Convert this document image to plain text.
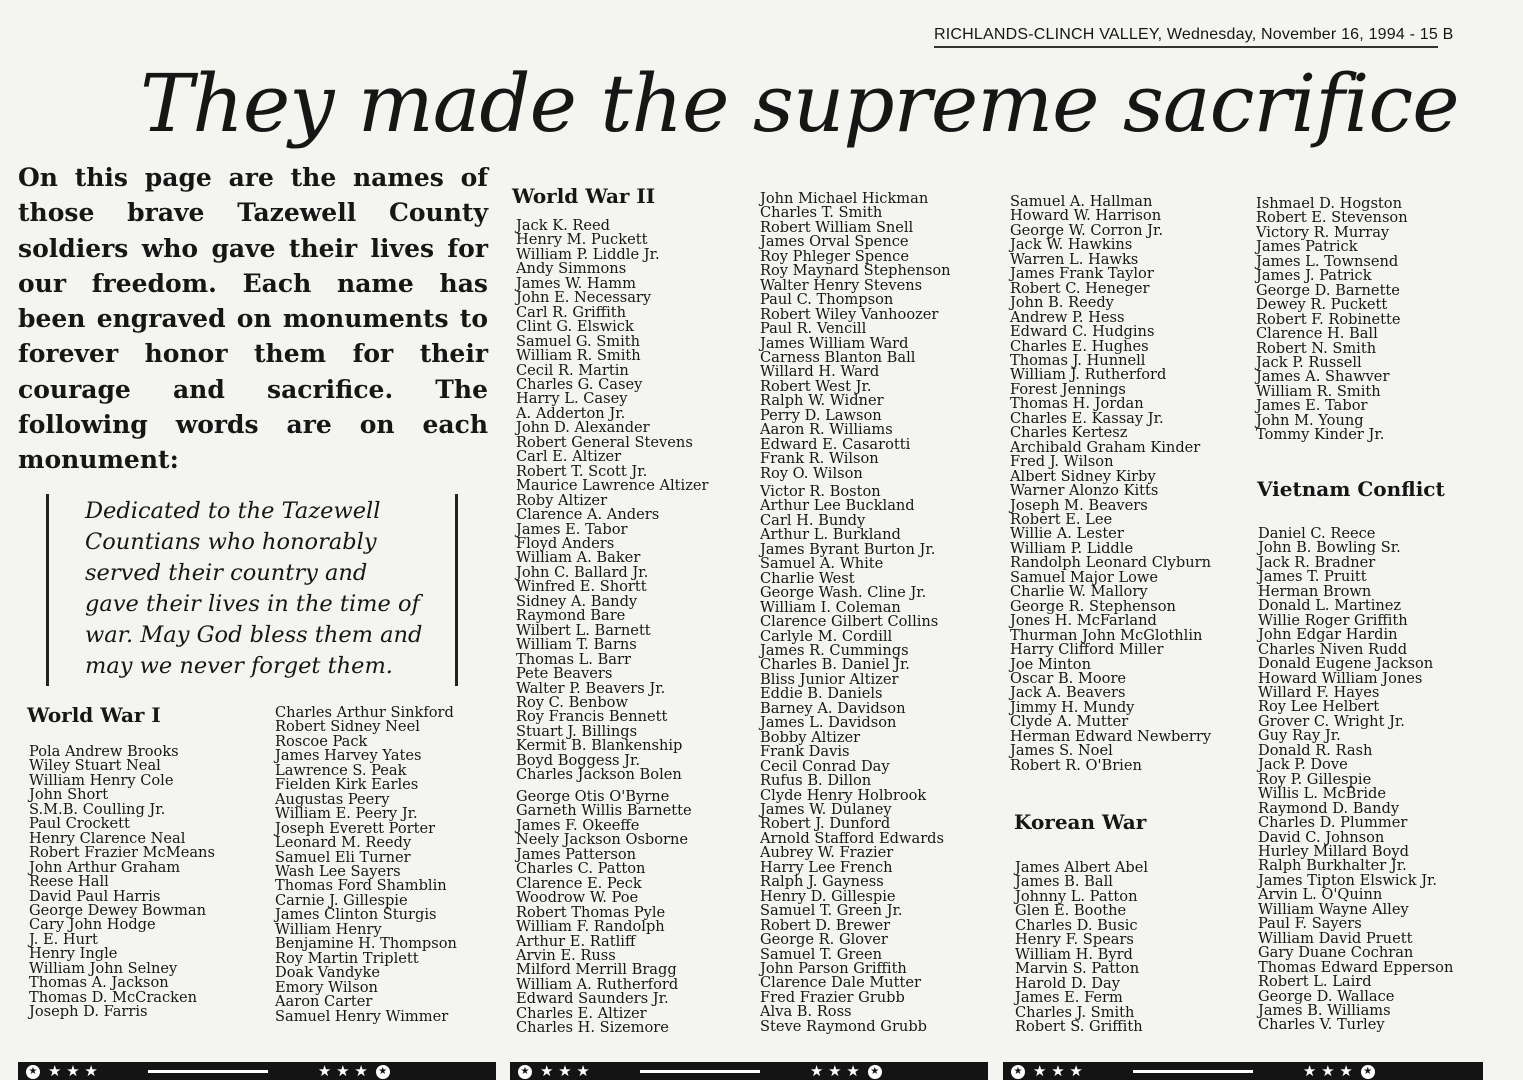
RICHLANDS-CLINCH VALLEY, Wednesday, November 16, 1994 - 15 B
They made the supreme sacrifice
On this page are the names of those brave Tazewell County soldiers who gave their lives for our freedom. Each name has been engraved on monuments to forever honor them for their courage and sacrifice. The following words are on each monument:
Dedicated to the Tazewell Countians who honorably served their country and gave their lives in the time of war. May God bless them and may we never forget them.
World War I
Pola Andrew Brooks
Wiley Stuart Neal
William Henry Cole
John Short
S.M.B. Coulling Jr.
Paul Crockett
Henry Clarence Neal
Robert Frazier McMeans
John Arthur Graham
Reese Hall
David Paul Harris
George Dewey Bowman
Cary John Hodge
J. E. Hurt
Henry Ingle
William John Selney
Thomas A. Jackson
Thomas D. McCracken
Joseph D. Farris
Charles Arthur Sinkford
Robert Sidney Neel
Roscoe Pack
James Harvey Yates
Lawrence S. Peak
Fielden Kirk Earles
Augustas Peery
William E. Peery Jr.
Joseph Everett Porter
Leonard M. Reedy
Samuel Eli Turner
Wash Lee Sayers
Thomas Ford Shamblin
Carnie J. Gillespie
James Clinton Sturgis
William Henry
Benjamine H. Thompson
Roy Martin Triplett
Doak Vandyke
Emory Wilson
Aaron Carter
Samuel Henry Wimmer
World War II
Jack K. Reed
Henry M. Puckett
William P. Liddle Jr.
Andy Simmons
James W. Hamm
John E. Necessary
Carl R. Griffith
Clint G. Elswick
Samuel G. Smith
William R. Smith
Cecil R. Martin
Charles G. Casey
Harry L. Casey
A. Adderton Jr.
John D. Alexander
Robert General Stevens
Carl E. Altizer
Robert T. Scott Jr.
Maurice Lawrence Altizer
Roby Altizer
Clarence A. Anders
James E. Tabor
Floyd Anders
William A. Baker
John C. Ballard Jr.
Winfred E. Shortt
Sidney A. Bandy
Raymond Bare
Wilbert L. Barnett
William T. Barns
Thomas L. Barr
Pete Beavers
Walter P. Beavers Jr.
Roy C. Benbow
Roy Francis Bennett
Stuart J. Billings
Kermit B. Blankenship
Boyd Boggess Jr.
Charles Jackson Bolen
George Otis O'Byrne
Garneth Willis Barnette
James F. Okeeffe
Neely Jackson Osborne
James Patterson
Charles C. Patton
Clarence E. Peck
Woodrow W. Poe
Robert Thomas Pyle
William F. Randolph
Arthur E. Ratliff
Arvin E. Russ
Milford Merrill Bragg
William A. Rutherford
Edward Saunders Jr.
Charles E. Altizer
Charles H. Sizemore
John Michael Hickman
Charles T. Smith
Robert William Snell
James Orval Spence
Roy Phleger Spence
Roy Maynard Stephenson
Walter Henry Stevens
Paul C. Thompson
Robert Wiley Vanhoozer
Paul R. Vencill
James William Ward
Carness Blanton Ball
Willard H. Ward
Robert West Jr.
Ralph W. Widner
Perry D. Lawson
Aaron R. Williams
Edward E. Casarotti
Frank R. Wilson
Roy O. Wilson
Victor R. Boston
Arthur Lee Buckland
Carl H. Bundy
Arthur L. Burkland
James Byrant Burton Jr.
Samuel A. White
Charlie West
George Wash. Cline Jr.
William I. Coleman
Clarence Gilbert Collins
Carlyle M. Cordill
James R. Cummings
Charles B. Daniel Jr.
Bliss Junior Altizer
Eddie B. Daniels
Barney A. Davidson
James L. Davidson
Bobby Altizer
Frank Davis
Cecil Conrad Day
Rufus B. Dillon
Clyde Henry Holbrook
James W. Dulaney
Robert J. Dunford
Arnold Stafford Edwards
Aubrey W. Frazier
Harry Lee French
Ralph J. Gayness
Henry D. Gillespie
Samuel T. Green Jr.
Robert D. Brewer
George R. Glover
Samuel T. Green
John Parson Griffith
Clarence Dale Mutter
Fred Frazier Grubb
Alva B. Ross
Steve Raymond Grubb
Samuel A. Hallman
Howard W. Harrison
George W. Corron Jr.
Jack W. Hawkins
Warren L. Hawks
James Frank Taylor
Robert C. Heneger
John B. Reedy
Andrew P. Hess
Edward C. Hudgins
Charles E. Hughes
Thomas J. Hunnell
William J. Rutherford
Forest Jennings
Thomas H. Jordan
Charles E. Kassay Jr.
Charles Kertesz
Archibald Graham Kinder
Fred J. Wilson
Albert Sidney Kirby
Warner Alonzo Kitts
Joseph M. Beavers
Robert E. Lee
Willie A. Lester
William P. Liddle
Randolph Leonard Clyburn
Samuel Major Lowe
Charlie W. Mallory
George R. Stephenson
Jones H. McFarland
Thurman John McGlothlin
Harry Clifford Miller
Joe Minton
Oscar B. Moore
Jack A. Beavers
Jimmy H. Mundy
Clyde A. Mutter
Herman Edward Newberry
James S. Noel
Robert R. O'Brien
Korean War
James Albert Abel
James B. Ball
Johnny L. Patton
Glen E. Boothe
Charles D. Busic
Henry F. Spears
William H. Byrd
Marvin S. Patton
Harold D. Day
James E. Ferm
Charles J. Smith
Robert S. Griffith
Ishmael D. Hogston
Robert E. Stevenson
Victory R. Murray
James Patrick
James L. Townsend
James J. Patrick
George D. Barnette
Dewey R. Puckett
Robert F. Robinette
Clarence H. Ball
Robert N. Smith
Jack P. Russell
James A. Shawver
William R. Smith
James E. Tabor
John M. Young
Tommy Kinder Jr.
Vietnam Conflict
Daniel C. Reece
John B. Bowling Sr.
Jack R. Bradner
James T. Pruitt
Herman Brown
Donald L. Martinez
Willie Roger Griffith
John Edgar Hardin
Charles Niven Rudd
Donald Eugene Jackson
Howard William Jones
Willard F. Hayes
Roy Lee Helbert
Grover C. Wright Jr.
Guy Ray Jr.
Donald R. Rash
Jack P. Dove
Roy P. Gillespie
Willis L. McBride
Raymond D. Bandy
Charles D. Plummer
David C. Johnson
Hurley Millard Boyd
Ralph Burkhalter Jr.
James Tipton Elswick Jr.
Arvin L. O'Quinn
William Wayne Alley
Paul F. Sayers
William David Pruett
Gary Duane Cochran
Thomas Edward Epperson
Robert L. Laird
George D. Wallace
James B. Williams
Charles V. Turley
★ ★ ★ ★	★ ★ ★ ★	★ ★ ★ ★	★ ★ ★ ★	★ ★ ★ ★	★ ★ ★ ★
